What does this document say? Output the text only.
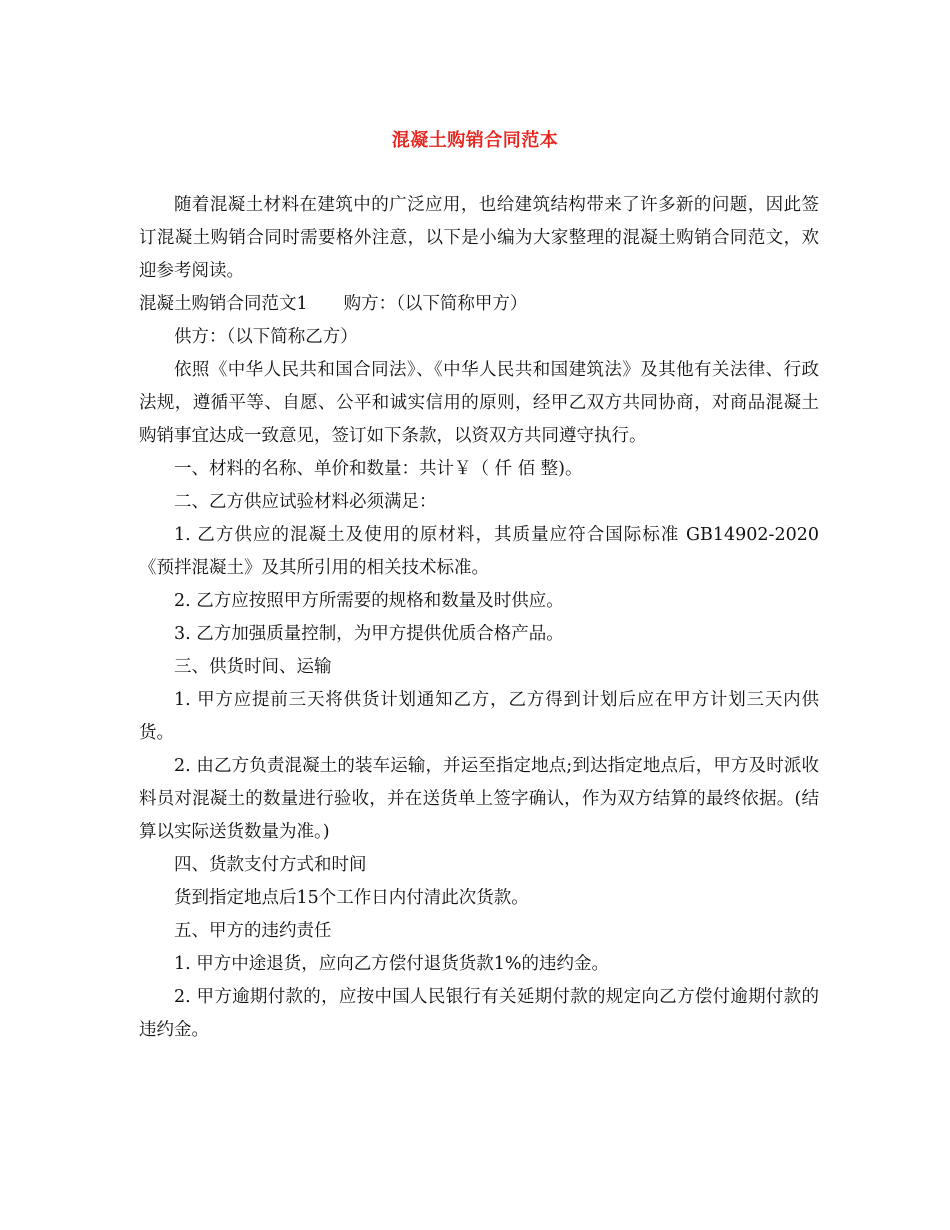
混凝土购销合同范本

随着混凝土材料在建筑中的广泛应用，也给建筑结构带来了许多新的问题，因此签订混凝土购销合同时需要格外注意，以下是小编为大家整理的混凝土购销合同范文，欢迎参考阅读。

混凝土购销合同范文1 购方：（以下简称甲方）

供方：（以下简称乙方）

依照《中华人民共和国合同法》、《中华人民共和国建筑法》及其他有关法律、行政法规，遵循平等、自愿、公平和诚实信用的原则，经甲乙双方共同协商，对商品混凝土购销事宜达成一致意见，签订如下条款，以资双方共同遵守执行。

一、材料的名称、单价和数量：共计￥（ 仟 佰 整)。

二、乙方供应试验材料必须满足：

1. 乙方供应的混凝土及使用的原材料，其质量应符合国际标准 GB14902-2020《预拌混凝土》及其所引用的相关技术标准。

2. 乙方应按照甲方所需要的规格和数量及时供应。

3. 乙方加强质量控制，为甲方提供优质合格产品。

三、供货时间、运输

1. 甲方应提前三天将供货计划通知乙方，乙方得到计划后应在甲方计划三天内供货。

2. 由乙方负责混凝土的装车运输，并运至指定地点;到达指定地点后，甲方及时派收料员对混凝土的数量进行验收，并在送货单上签字确认，作为双方结算的最终依据。(结算以实际送货数量为准。)

四、货款支付方式和时间

货到指定地点后15个工作日内付清此次货款。

五、甲方的违约责任

1. 甲方中途退货，应向乙方偿付退货货款1%的违约金。

2. 甲方逾期付款的，应按中国人民银行有关延期付款的规定向乙方偿付逾期付款的违约金。
